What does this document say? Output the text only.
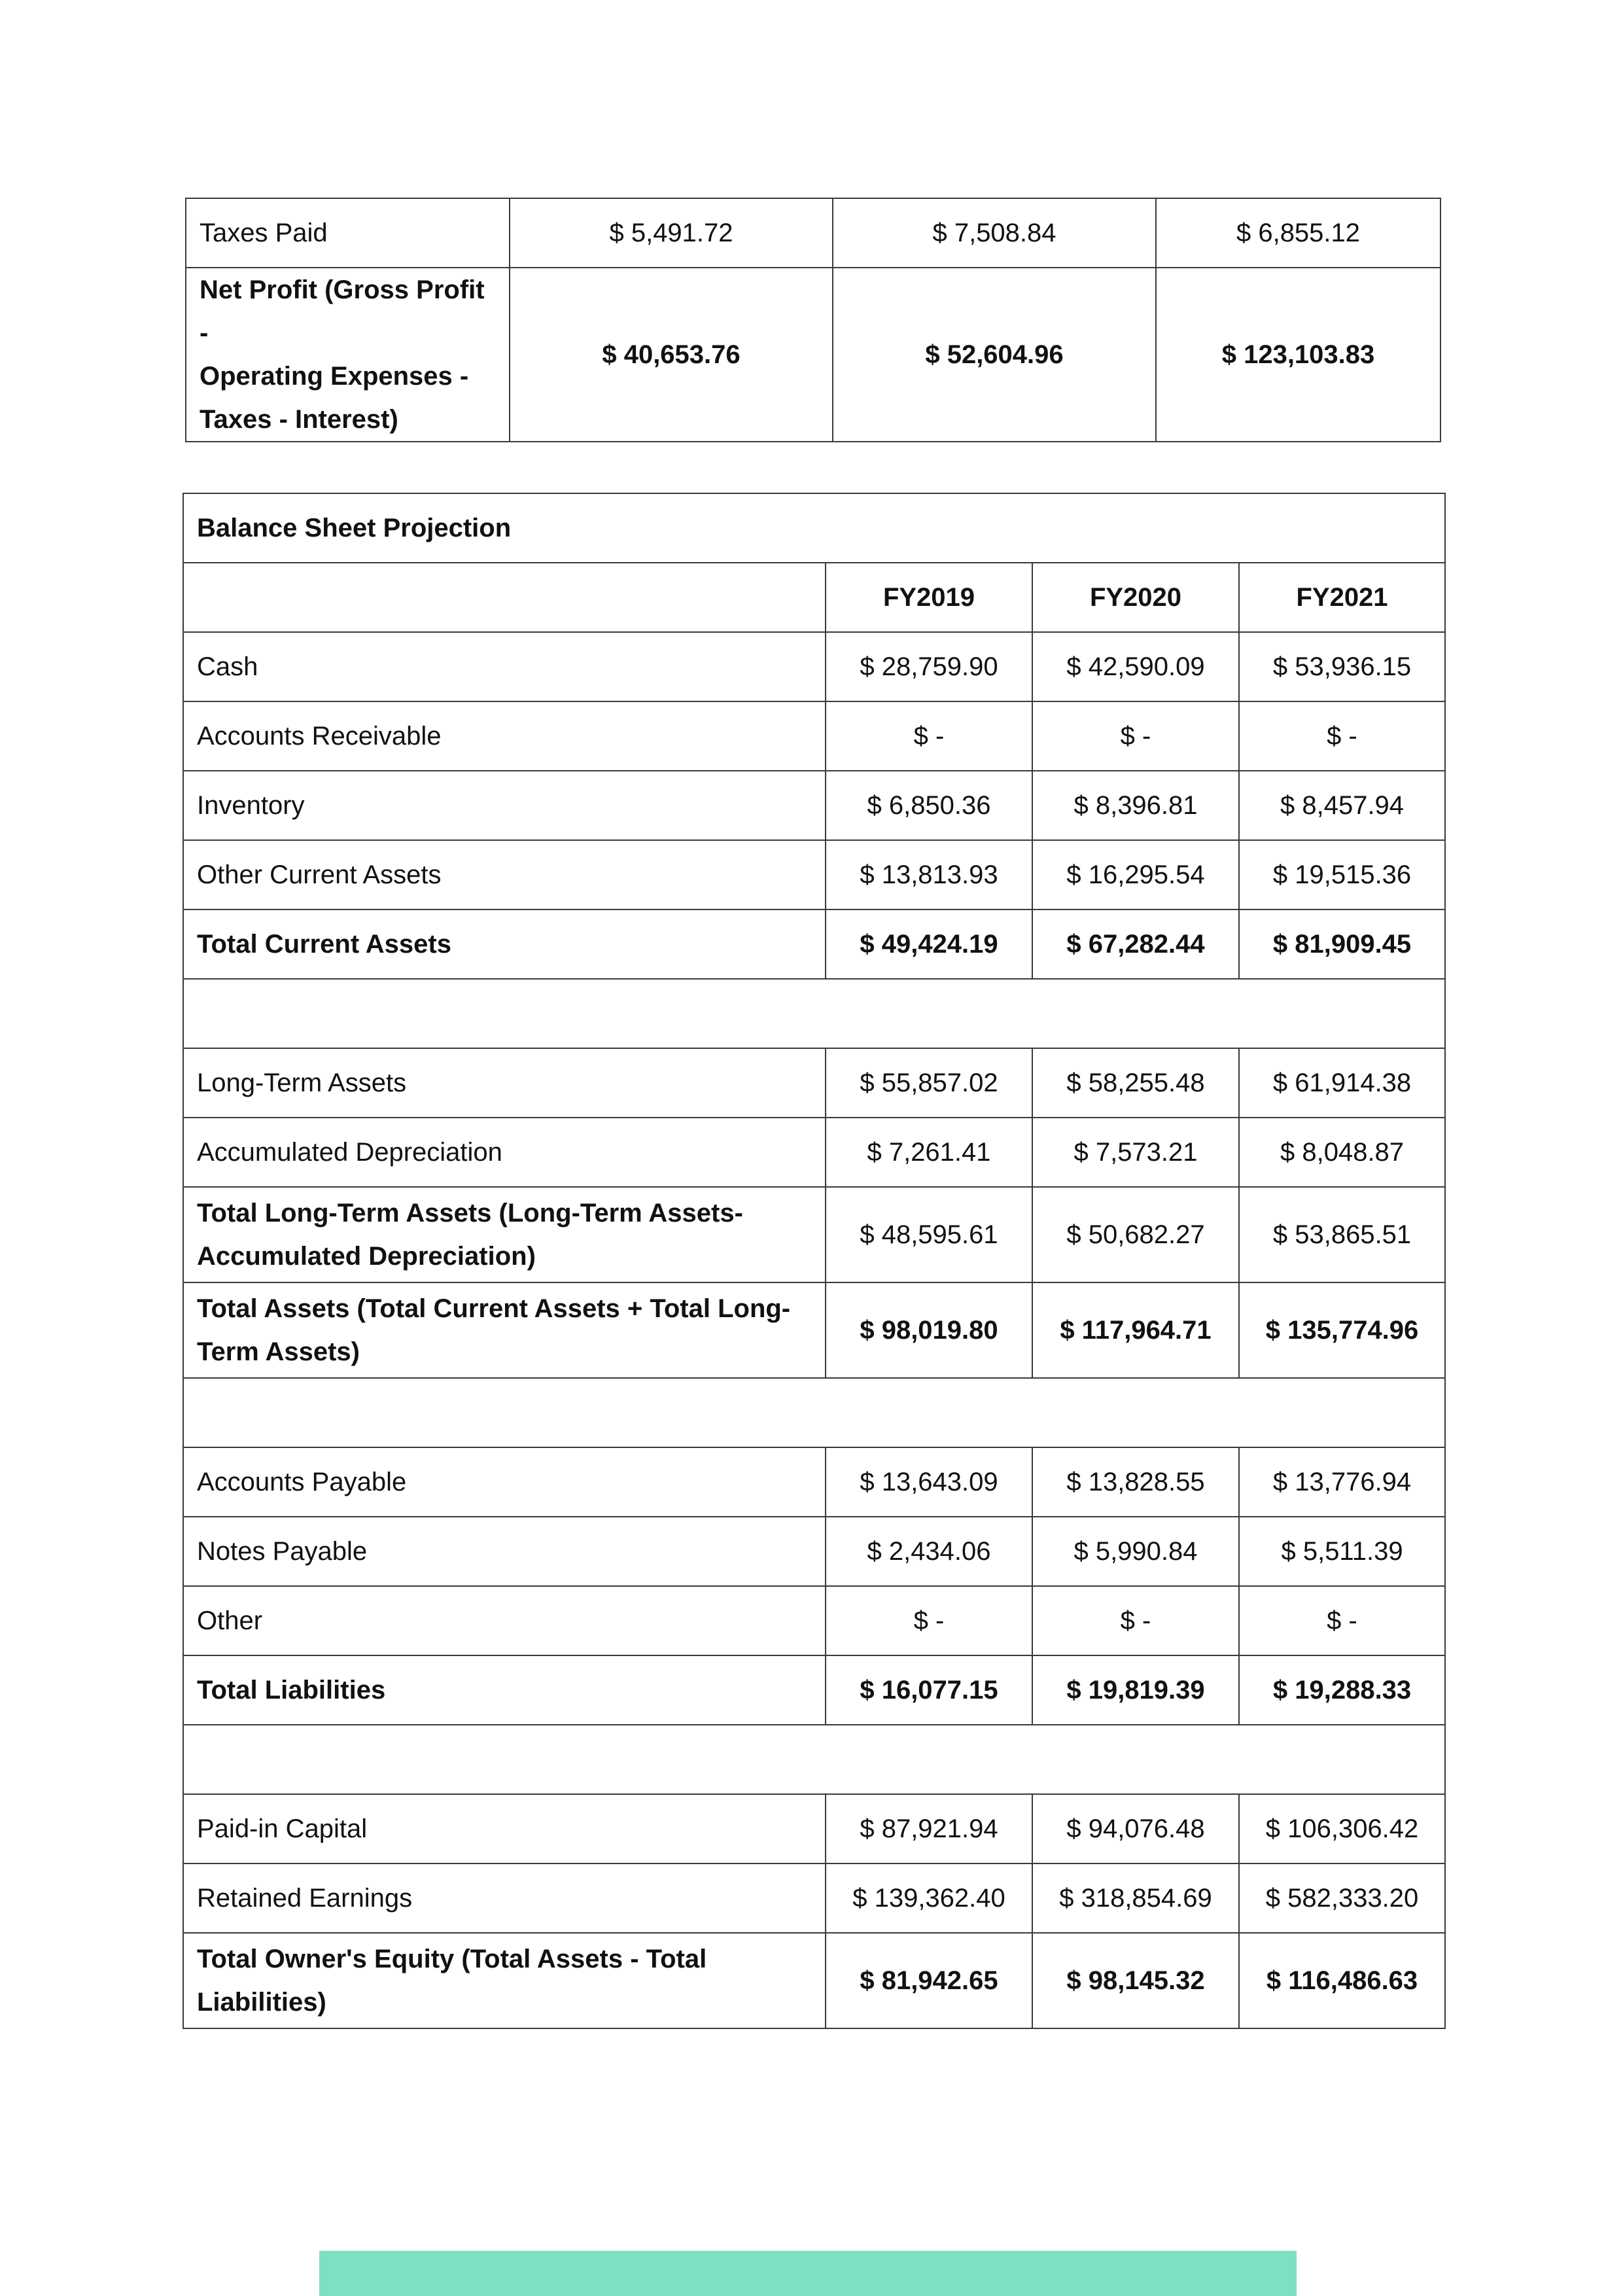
Taxes Paid	$ 5,491.72	$ 7,508.84	$ 6,855.12

Net Profit (Gross Profit -
Operating Expenses -
Taxes - Interest)	$ 40,653.76	$ 52,604.96	$ 123,103.83
Balance Sheet Projection			
	FY2019	FY2020	FY2021
Cash	$ 28,759.90	$ 42,590.09	$ 53,936.15
Accounts Receivable	$ -	$ -	$ -
Inventory	$ 6,850.36	$ 8,396.81	$ 8,457.94
Other Current Assets	$ 13,813.93	$ 16,295.54	$ 19,515.36
Total Current Assets	$ 49,424.19	$ 67,282.44	$ 81,909.45

Long-Term Assets	$ 55,857.02	$ 58,255.48	$ 61,914.38
Accumulated Depreciation	$ 7,261.41	$ 7,573.21	$ 8,048.87

Total Long-Term Assets (Long-Term Assets-
Accumulated Depreciation)	$ 48,595.61	$ 50,682.27	$ 53,865.51

Total Assets (Total Current Assets + Total Long-
Term Assets)	$ 98,019.80	$ 117,964.71	$ 135,774.96

Accounts Payable	$ 13,643.09	$ 13,828.55	$ 13,776.94
Notes Payable	$ 2,434.06	$ 5,990.84	$ 5,511.39
Other	$ -	$ -	$ -
Total Liabilities	$ 16,077.15	$ 19,819.39	$ 19,288.33

Paid-in Capital	$ 87,921.94	$ 94,076.48	$ 106,306.42
Retained Earnings	$ 139,362.40	$ 318,854.69	$ 582,333.20

Total Owner's Equity (Total Assets - Total
Liabilities)	$ 81,942.65	$ 98,145.32	$ 116,486.63
